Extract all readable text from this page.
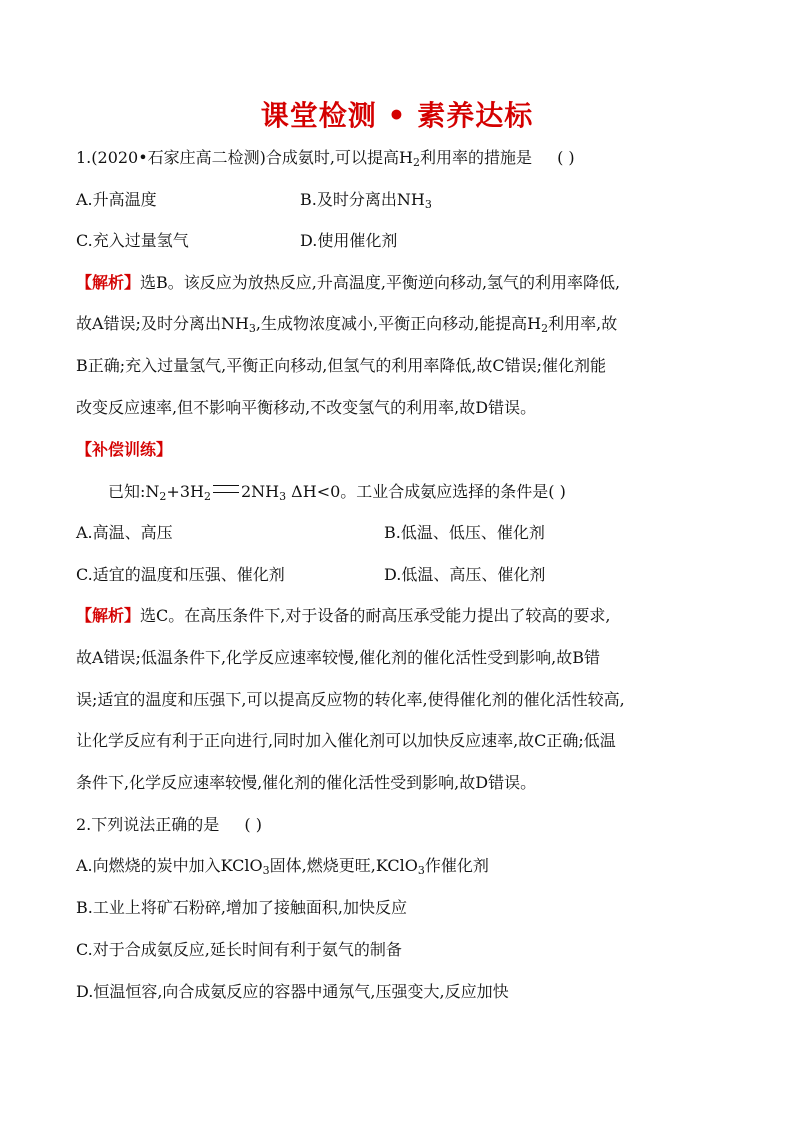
课堂检测 • 素养达标
1.(2020•石家庄高二检测)合成氨时,可以提高$H_2$利用率的措施是 ( )
A.升高温度	B.及时分离出$NH_3$
C.充入过量氢气	D.使用催化剂
【解析】选B。该反应为放热反应,升高温度,平衡逆向移动,氢气的利用率降低,
故A错误;及时分离出$NH_3$,生成物浓度减小,平衡正向移动,能提高$H_2$利用率,故
B正确;充入过量氢气,平衡正向移动,但氢气的利用率降低,故C错误;催化剂能
改变反应速率,但不影响平衡移动,不改变氢气的利用率,故D错误。
【补偿训练】
已知$:N_2+3H_2$ $2NH_3$ ΔH<0。工业合成氨应选择的条件是( )
A.高温、高压	B.低温、低压、催化剂
C.适宜的温度和压强、催化剂	D.低温、高压、催化剂
【解析】选C。在高压条件下,对于设备的耐高压承受能力提出了较高的要求,
故A错误;低温条件下,化学反应速率较慢,催化剂的催化活性受到影响,故B错
误;适宜的温度和压强下,可以提高反应物的转化率,使得催化剂的催化活性较高,
让化学反应有利于正向进行,同时加入催化剂可以加快反应速率,故C正确;低温
条件下,化学反应速率较慢,催化剂的催化活性受到影响,故D错误。
2.下列说法正确的是 ( )
A.向燃烧的炭中加入KClO$_3$固体,燃烧更旺,KClO$_3$作催化剂
B.工业上将矿石粉碎,增加了接触面积,加快反应
C.对于合成氨反应,延长时间有利于氨气的制备
D.恒温恒容,向合成氨反应的容器中通氖气,压强变大,反应加快
